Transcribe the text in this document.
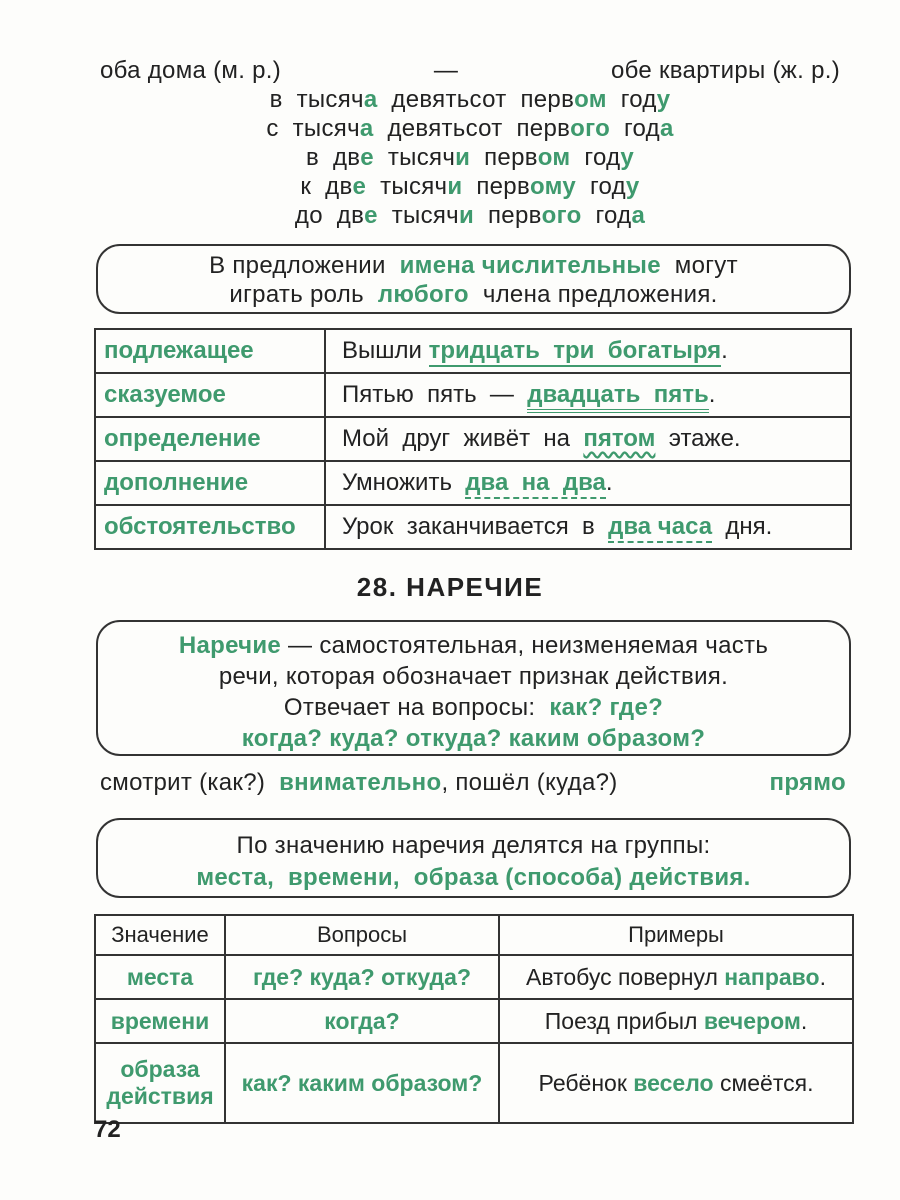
оба дома (м. р.)	—	обе квартиры (ж. р.)
в  тысяча  девятьсот  первом  году
с  тысяча  девятьсот  первого  года
в  две  тысячи  первом  году
к  две  тысячи  первому  году
до  две  тысячи  первого  года

В предложении имена числительные могут

играть роль любого члена предложения.

подлежащее	Вышли тридцать  три  богатыря.
сказуемое	Пятью  пять  —  двадцать  пять.
определение	Мой  друг  живёт  на  пятом  этаже.
дополнение	Умножить  два  на  два.
обстоятельство	Урок  заканчивается  в  два часа  дня.
28. НАРЕЧИЕ

Наречие — самостоятельная, неизменяемая часть

речи, которая обозначает признак действия.

Отвечает на вопросы: как? где?

когда? куда? откуда? каким образом?

смотрит (как?) внимательно, пошёл (куда?)	прямо

По значению наречия делятся на группы:

места, времени, образа (способа) действия.

Значение	Вопросы	Примеры
места	где? куда? откуда?	Автобус повернул направо.
времени	когда?	Поезд прибыл вечером.
образа действия	как? каким образом?	Ребёнок весело смеётся.
72
